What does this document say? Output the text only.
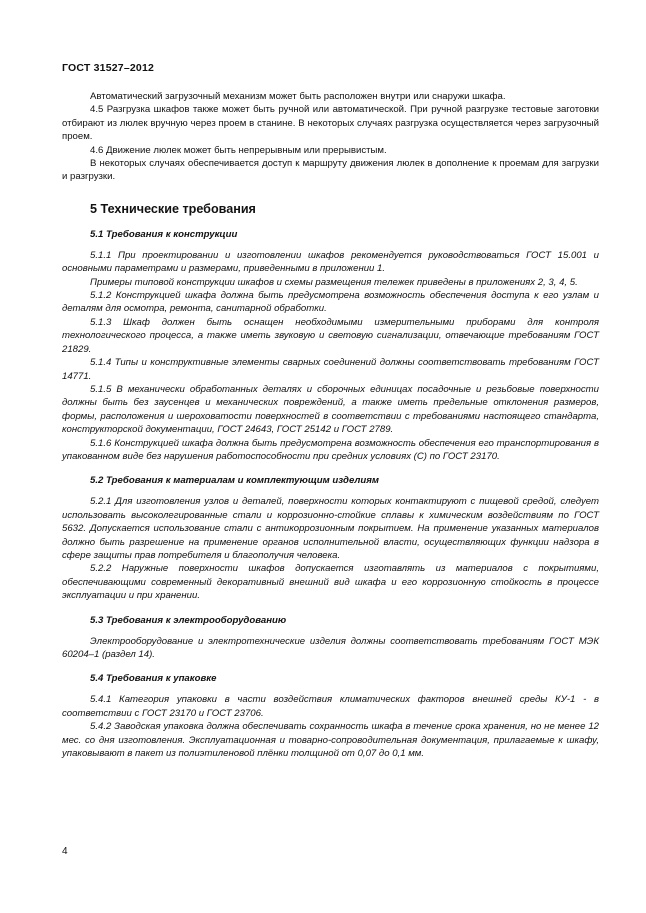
ГОСТ 31527–2012

Автоматический загрузочный механизм может быть расположен внутри или снаружи шкафа.

4.5 Разгрузка шкафов также может быть ручной или автоматической. При ручной разгрузке тестовые заготовки отбирают из люлек вручную через проем в станине. В некоторых случаях разгрузка осуществляется через загрузочный проем.

4.6 Движение люлек может быть непрерывным или прерывистым.

В некоторых случаях обеспечивается доступ к маршруту движения люлек в дополнение к проемам для загрузки и разгрузки.

5 Технические требования
5.1 Требования к конструкции

5.1.1 При проектировании и изготовлении шкафов рекомендуется руководствоваться ГОСТ 15.001 и основными параметрами и размерами, приведенными в приложении 1.

Примеры типовой конструкции шкафов и схемы размещения тележек приведены в приложениях 2, 3, 4, 5.

5.1.2 Конструкцией шкафа должна быть предусмотрена возможность обеспечения доступа к его узлам и деталям для осмотра, ремонта, санитарной обработки.

5.1.3 Шкаф должен быть оснащен необходимыми измерительными приборами для контроля технологического процесса, а также иметь звуковую и световую сигнализации, отвечающие требованиям ГОСТ 21829.

5.1.4 Типы и конструктивные элементы сварных соединений должны соответствовать требованиям ГОСТ 14771.

5.1.5 В механически обработанных деталях и сборочных единицах посадочные и резьбовые поверхности должны быть без заусенцев и механических повреждений, а также иметь предельные отклонения размеров, формы, расположения и шероховатости поверхностей в соответствии с требованиями настоящего стандарта, конструкторской документации, ГОСТ 24643, ГОСТ 25142 и ГОСТ 2789.

5.1.6 Конструкцией шкафа должна быть предусмотрена возможность обеспечения его транспортирования в упакованном виде без нарушения работоспособности при средних условиях (С) по ГОСТ 23170.

5.2 Требования к материалам и комплектующим изделиям

5.2.1 Для изготовления узлов и деталей, поверхности которых контактируют с пищевой средой, следует использовать высоколегированные стали и коррозионно-стойкие сплавы к химическим воздействиям по ГОСТ 5632. Допускается использование стали с антикоррозионным покрытием. На применение указанных материалов должно быть разрешение на применение органов исполнительной власти, осуществляющих функции надзора в сфере защиты прав потребителя и благополучия человека.

5.2.2 Наружные поверхности шкафов допускается изготавлять из материалов с покрытиями, обеспечивающими современный декоративный внешний вид шкафа и его коррозионную стойкость в процессе эксплуатации и при хранении.

5.3 Требования к электрооборудованию

Электрооборудование и электротехнические изделия должны соответствовать требованиям ГОСТ МЭК 60204–1 (раздел 14).

5.4 Требования к упаковке

5.4.1 Категория упаковки в части воздействия климатических факторов внешней среды КУ-1 - в соответствии с ГОСТ 23170 и ГОСТ 23706.

5.4.2 Заводская упаковка должна обеспечивать сохранность шкафа в течение срока хранения, но не менее 12 мес. со дня изготовления. Эксплуатационная и товарно-сопроводительная документация, прилагаемые к шкафу, упаковывают в пакет из полиэтиленовой плёнки толщиной от 0,07 до 0,1 мм.

4
